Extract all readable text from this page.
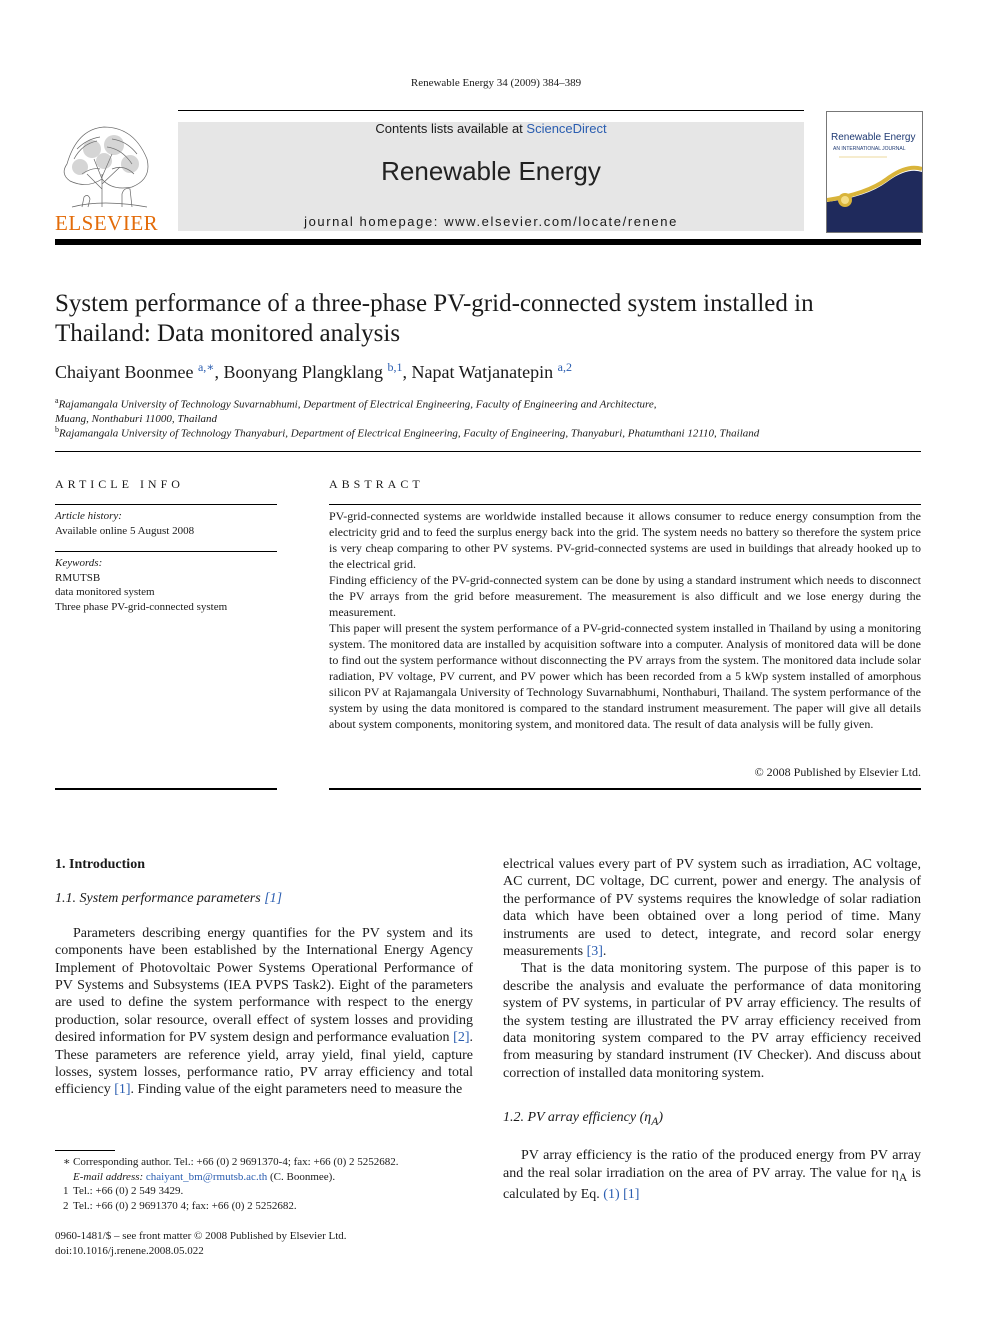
Renewable Energy 34 (2009) 384–389
ELSEVIER
Contents lists available at ScienceDirect
Renewable Energy
journal homepage: www.elsevier.com/locate/renene
Renewable Energy
AN INTERNATIONAL JOURNAL
System performance of a three-phase PV-grid-connected system installed in Thailand: Data monitored analysis
Chaiyant Boonmee $^{a,∗}$, Boonyang Plangklang $^{b,1}$, Napat Watjanatepin $^{a,2}$
$^a$Rajamangala University of Technology Suvarnabhumi, Department of Electrical Engineering, Faculty of Engineering and Architecture,
Muang, Nonthaburi 11000, Thailand
$^b$Rajamangala University of Technology Thanyaburi, Department of Electrical Engineering, Faculty of Engineering, Thanyaburi, Phatumthani 12110, Thailand
ARTICLE INFO
Article history:
Available online 5 August 2008
Keywords:
RMUTSB
data monitored system
Three phase PV-grid-connected system
ABSTRACT

PV-grid-connected systems are worldwide installed because it allows consumer to reduce energy consumption from the electricity grid and to feed the surplus energy back into the grid. The system needs no battery so therefore the system price is very cheap comparing to other PV systems. PV-grid-connected systems are used in buildings that already hooked up to the electrical grid.

Finding efficiency of the PV-grid-connected system can be done by using a standard instrument which needs to disconnect the PV arrays from the grid before measurement. The measurement is also difficult and we lose energy during the measurement.

This paper will present the system performance of a PV-grid-connected system installed in Thailand by using a monitoring system. The monitored data are installed by acquisition software into a computer. Analysis of monitored data will be done to find out the system performance without disconnecting the PV arrays from the system. The monitored data include solar radiation, PV voltage, PV current, and PV power which has been recorded from a 5 kWp system installed of amorphous silicon PV at Rajamangala University of Technology Suvarnabhumi, Nonthaburi, Thailand. The system performance of the system by using the data monitored is compared to the standard instrument measurement. The paper will give all details about system components, monitoring system, and monitored data. The result of data analysis will be fully given.

© 2008 Published by Elsevier Ltd.
1. Introduction
1.1. System performance parameters [1]

Parameters describing energy quantifies for the PV system and its components have been established by the International Energy Agency Implement of Photovoltaic Power Systems Operational Performance of PV Systems and Subsystems (IEA PVPS Task2). Eight of the parameters are used to define the system performance with respect to the energy production, solar resource, overall effect of system losses and providing desired information for PV system design and performance evaluation [2]. These parameters are reference yield, array yield, final yield, capture losses, system losses, performance ratio, PV array efficiency and total efficiency [1]. Finding value of the eight parameters need to measure the

electrical values every part of PV system such as irradiation, AC voltage, AC current, DC voltage, DC current, power and energy. The analysis of the performance of PV systems requires the knowledge of solar radiation data which have been obtained over a long period of time. Many instruments are used to detect, integrate, and record solar energy measurements [3].

That is the data monitoring system. The purpose of this paper is to describe the analysis and evaluate the performance of data monitoring system of PV systems, in particular of PV array efficiency. The results of the system testing are illustrated the PV array efficiency received from data monitoring system compared to the PV array efficiency received from measuring by standard instrument (IV Checker). And discuss about correction of installed data monitoring system.

1.2. PV array efficiency $(\eta_A)$

PV array efficiency is the ratio of the produced energy from PV array and the real solar irradiation on the area of PV array. The value for $\eta_A$ is calculated by Eq. (1) [1]

∗ Corresponding author. Tel.: +66 (0) 2 9691370-4; fax: +66 (0) 2 5252682.
E-mail address: chaiyant_bm@rmutsb.ac.th (C. Boonmee).
1 Tel.: +66 (0) 2 549 3429.
2 Tel.: +66 (0) 2 9691370 4; fax: +66 (0) 2 5252682.
0960-1481/$ – see front matter © 2008 Published by Elsevier Ltd.
doi:10.1016/j.renene.2008.05.022
